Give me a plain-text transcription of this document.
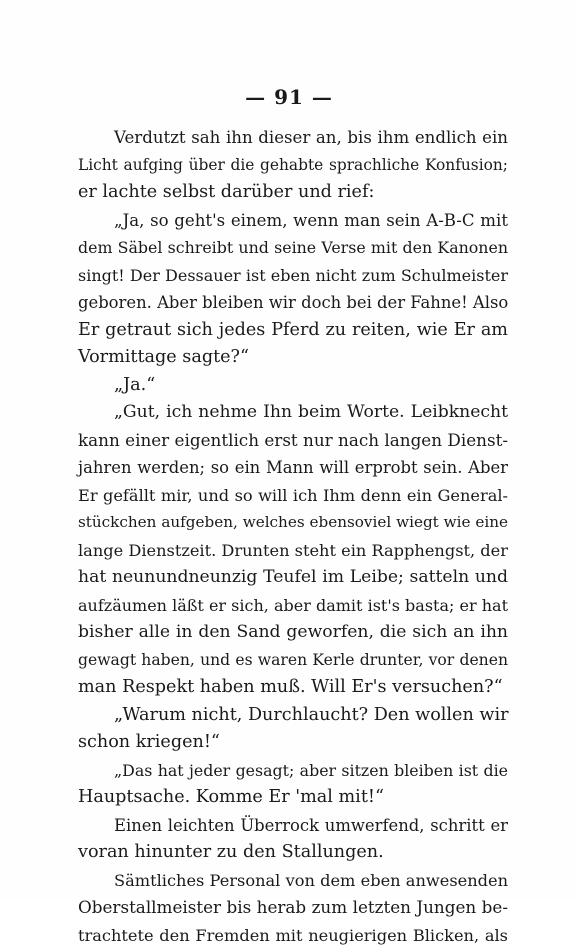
— 91 —
Verdutzt sah ihn dieser an, bis ihm endlich ein
Licht aufging über die gehabte sprachliche Konfusion;
er lachte selbst darüber und rief:
„Ja, so geht's einem, wenn man sein A-B-C mit
dem Säbel schreibt und seine Verse mit den Kanonen
singt! Der Dessauer ist eben nicht zum Schulmeister
geboren. Aber bleiben wir doch bei der Fahne! Also
Er getraut sich jedes Pferd zu reiten, wie Er am
Vormittage sagte?“
„Ja.“
„Gut, ich nehme Ihn beim Worte. Leibknecht
kann einer eigentlich erst nur nach langen Dienst-
jahren werden; so ein Mann will erprobt sein. Aber
Er gefällt mir, und so will ich Ihm denn ein General-
stückchen aufgeben, welches ebensoviel wiegt wie eine
lange Dienstzeit. Drunten steht ein Rapphengst, der
hat neunundneunzig Teufel im Leibe; satteln und
aufzäumen läßt er sich, aber damit ist's basta; er hat
bisher alle in den Sand geworfen, die sich an ihn
gewagt haben, und es waren Kerle drunter, vor denen
man Respekt haben muß. Will Er's versuchen?“
„Warum nicht, Durchlaucht? Den wollen wir
schon kriegen!“
„Das hat jeder gesagt; aber sitzen bleiben ist die
Hauptsache. Komme Er 'mal mit!“
Einen leichten Überrock umwerfend, schritt er
voran hinunter zu den Stallungen.
Sämtliches Personal von dem eben anwesenden
Oberstallmeister bis herab zum letzten Jungen be-
trachtete den Fremden mit neugierigen Blicken, als
